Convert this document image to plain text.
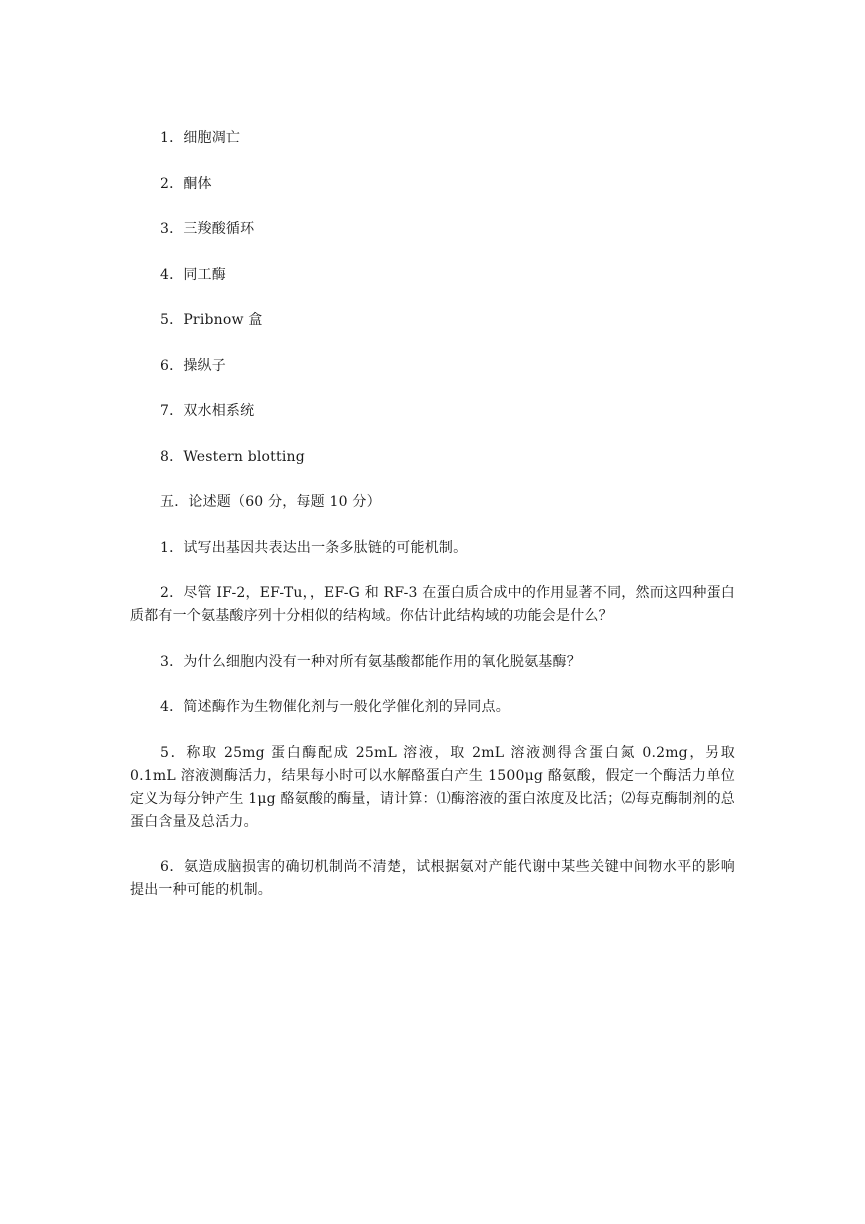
1．细胞凋亡

2．酮体

3．三羧酸循环

4．同工酶

5．Pribnow 盒

6．操纵子

7．双水相系统

8．Western blotting

五．论述题（60 分，每题 10 分）

1．试写出基因共表达出一条多肽链的可能机制。

2．尽管 IF-2，EF-Tu，，EF-G 和 RF-3 在蛋白质合成中的作用显著不同，然而这四种蛋白质都有一个氨基酸序列十分相似的结构域。你估计此结构域的功能会是什么？

3．为什么细胞内没有一种对所有氨基酸都能作用的氧化脱氨基酶？

4．简述酶作为生物催化剂与一般化学催化剂的异同点。

5．称取 25mg 蛋白酶配成 25mL 溶液，取 2mL 溶液测得含蛋白氮 0.2mg，另取 0.1mL 溶液测酶活力，结果每小时可以水解酪蛋白产生 1500μg 酪氨酸，假定一个酶活力单位定义为每分钟产生 1μg 酪氨酸的酶量，请计算：⑴酶溶液的蛋白浓度及比活；⑵每克酶制剂的总蛋白含量及总活力。

6．氨造成脑损害的确切机制尚不清楚，试根据氨对产能代谢中某些关键中间物水平的影响提出一种可能的机制。
